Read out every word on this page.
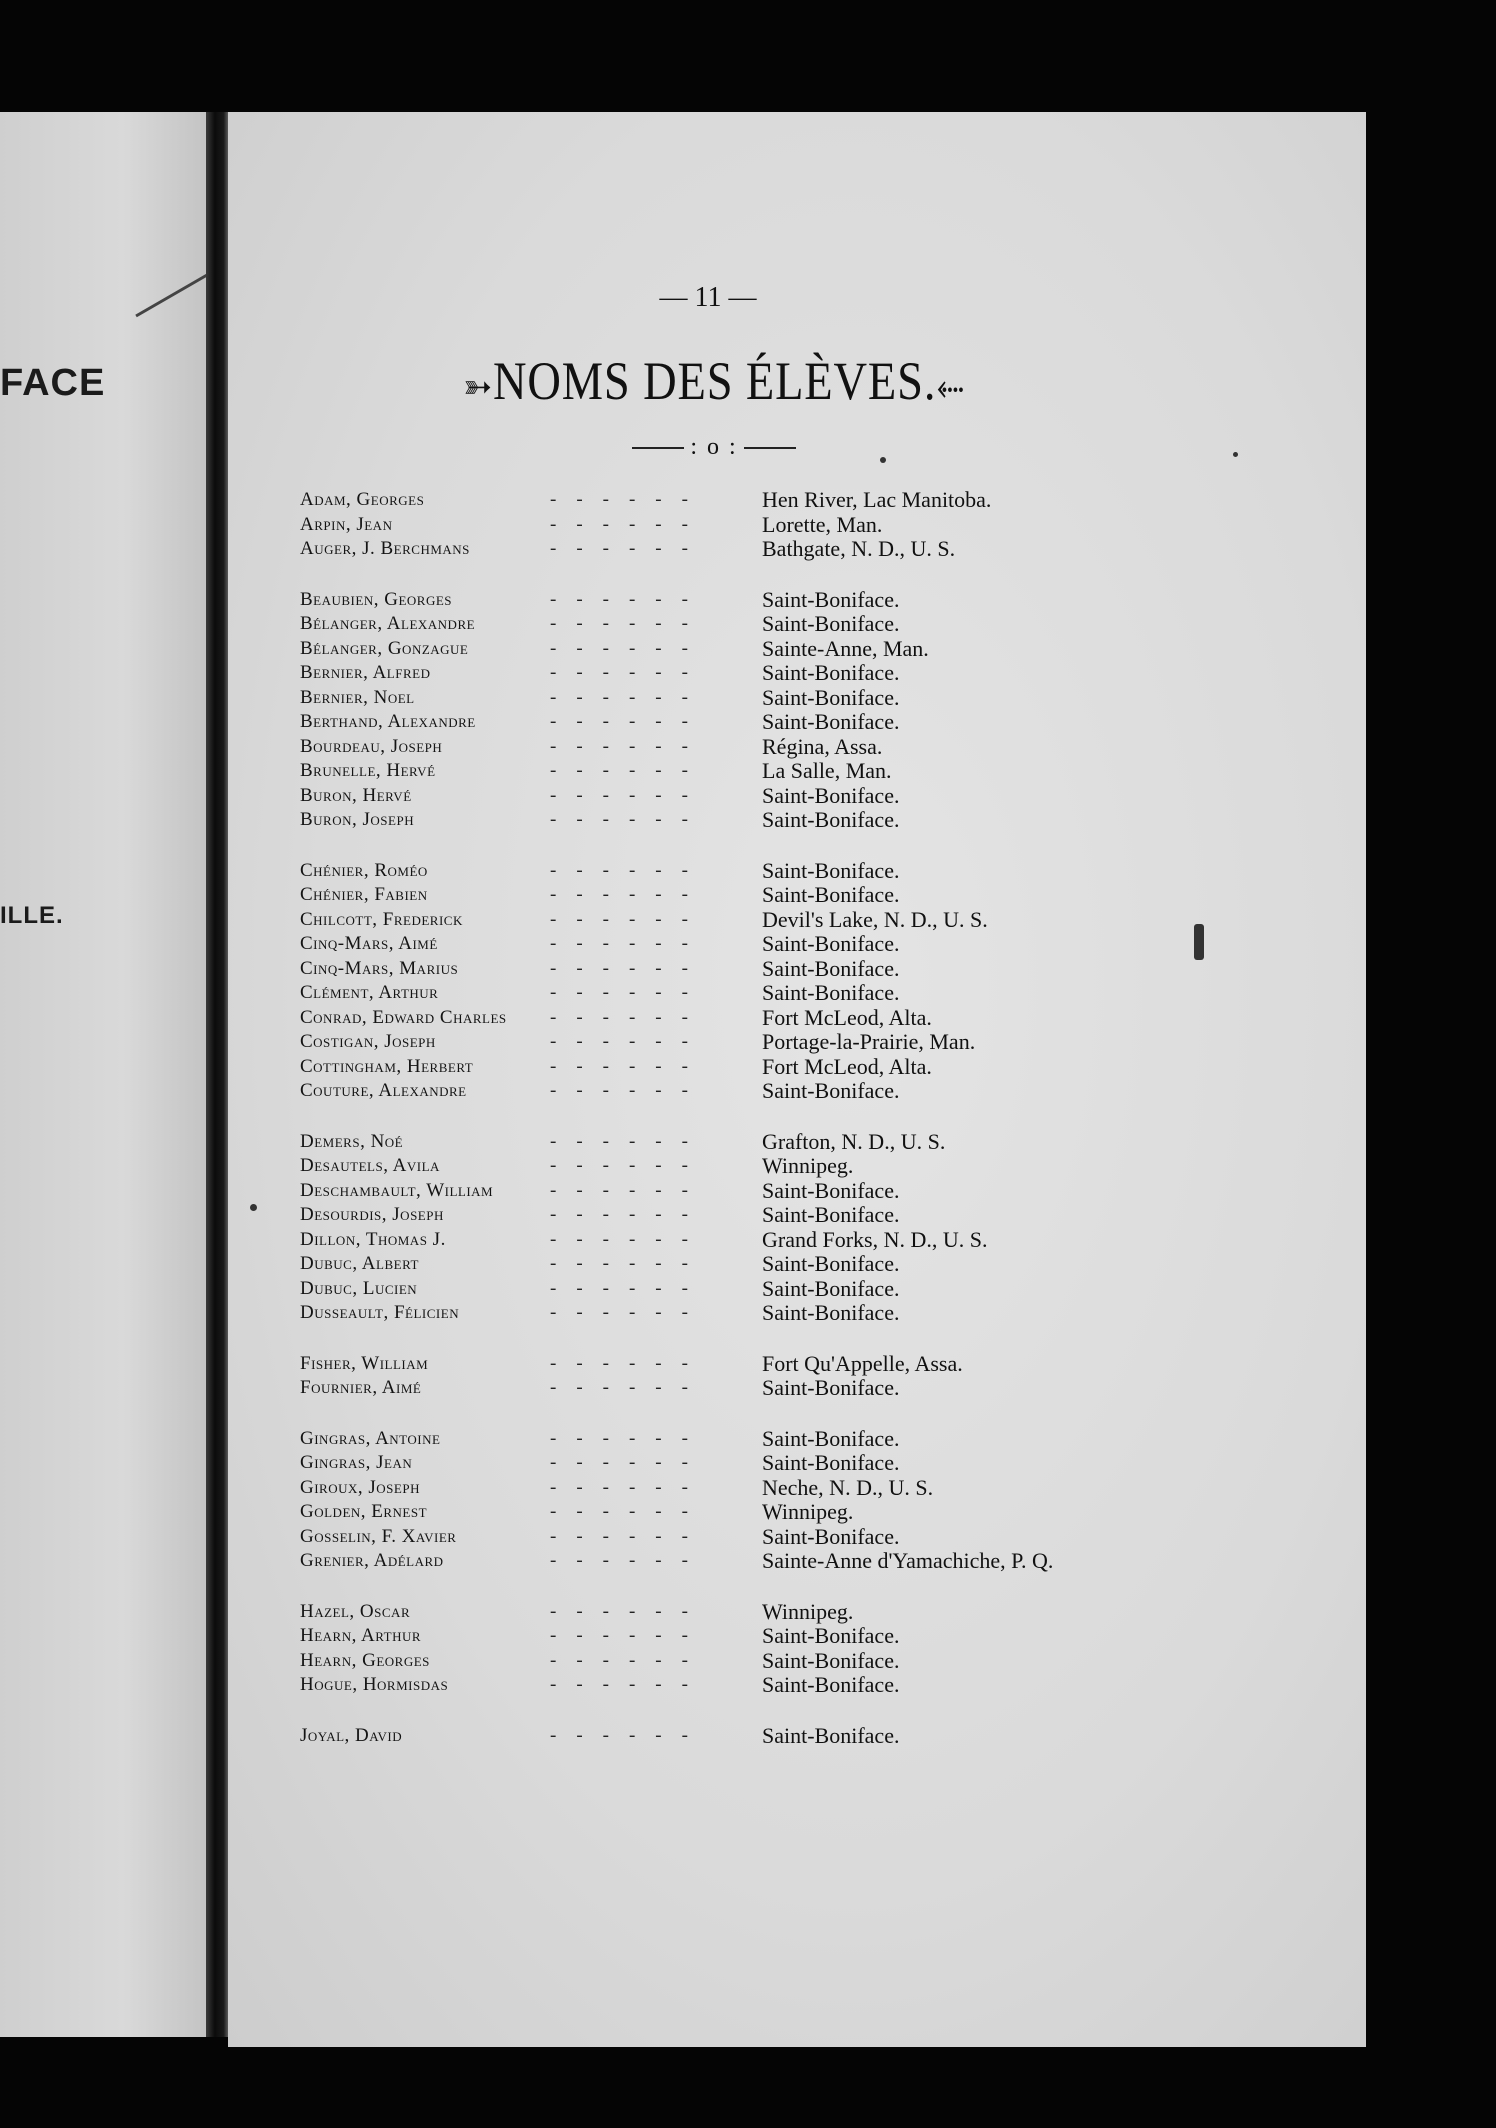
FACE
ILLE.
— 11 —
➳NOMS DES ÉLÈVES.⬸
: o :
Adam, Georges	------ Hen River, Lac Manitoba.
Arpin, Jean	------ Lorette, Man.
Auger, J. Berchmans	------ Bathgate, N. D., U. S.
Beaubien, Georges	------ Saint-Boniface.
Bélanger, Alexandre	------ Saint-Boniface.
Bélanger, Gonzague	------ Sainte-Anne, Man.
Bernier, Alfred	------ Saint-Boniface.
Bernier, Noel	------ Saint-Boniface.
Berthand, Alexandre	------ Saint-Boniface.
Bourdeau, Joseph	------ Régina, Assa.
Brunelle, Hervé	------ La Salle, Man.
Buron, Hervé	------ Saint-Boniface.
Buron, Joseph	------ Saint-Boniface.
Chénier, Roméo	------ Saint-Boniface.
Chénier, Fabien	------ Saint-Boniface.
Chilcott, Frederick	------ Devil's Lake, N. D., U. S.
Cinq-Mars, Aimé	------ Saint-Boniface.
Cinq-Mars, Marius	------ Saint-Boniface.
Clément, Arthur	------ Saint-Boniface.
Conrad, Edward Charles ------ Fort McLeod, Alta.
Costigan, Joseph	------ Portage-la-Prairie, Man.
Cottingham, Herbert	------ Fort McLeod, Alta.
Couture, Alexandre	------ Saint-Boniface.
Demers, Noé	------ Grafton, N. D., U. S.
Desautels, Avila	------ Winnipeg.
Deschambault, William	------ Saint-Boniface.
Desourdis, Joseph	------ Saint-Boniface.
Dillon, Thomas J.	------ Grand Forks, N. D., U. S.
Dubuc, Albert	------ Saint-Boniface.
Dubuc, Lucien	------ Saint-Boniface.
Dusseault, Félicien	------ Saint-Boniface.
Fisher, William	------ Fort Qu'Appelle, Assa.
Fournier, Aimé	------ Saint-Boniface.
Gingras, Antoine	------ Saint-Boniface.
Gingras, Jean	------ Saint-Boniface.
Giroux, Joseph	------ Neche, N. D., U. S.
Golden, Ernest	------ Winnipeg.
Gosselin, F. Xavier	------ Saint-Boniface.
Grenier, Adélard	------ Sainte-Anne d'Yamachiche, P. Q.
Hazel, Oscar	------ Winnipeg.
Hearn, Arthur	------ Saint-Boniface.
Hearn, Georges	------ Saint-Boniface.
Hogue, Hormisdas	------ Saint-Boniface.
Joyal, David	------ Saint-Boniface.
